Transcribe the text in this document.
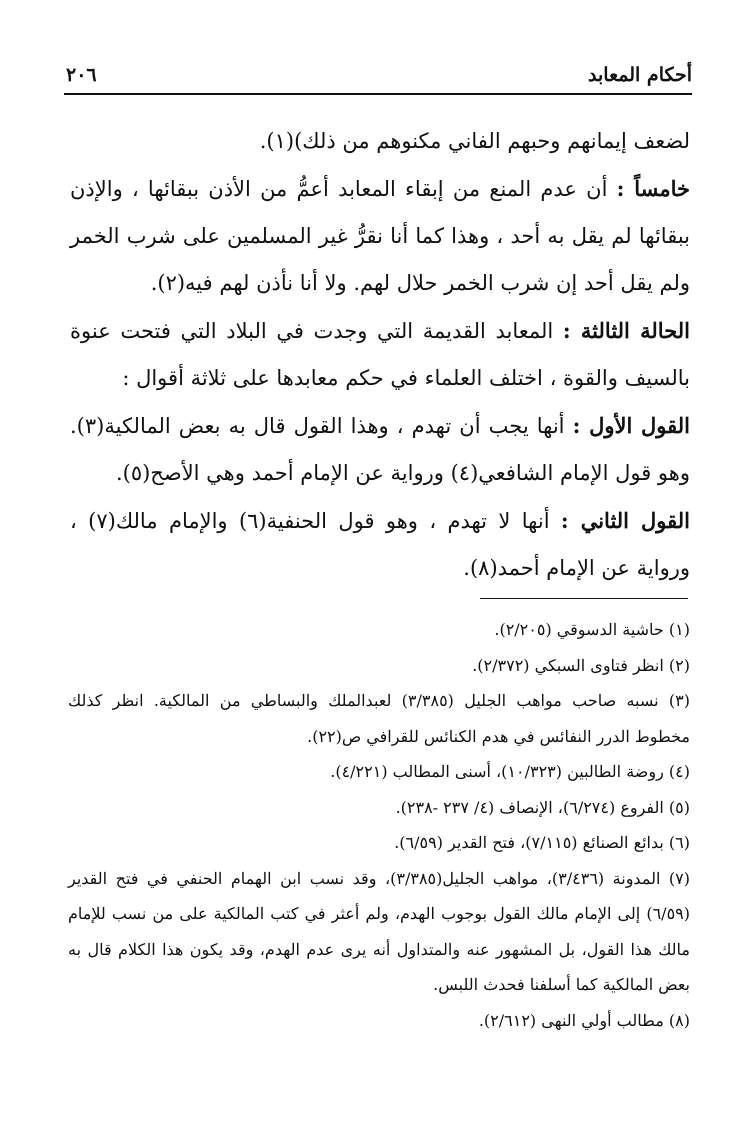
أحكام المعابد
٢٠٦

لضعف إيمانهم وحبهم الفاني مكنوهم من ذلك)(١).

خامساً : أن عدم المنع من إبقاء المعابد أعمُّ من الأذن ببقائها ، والإذن ببقائها لم يقل به أحد ، وهذا كما أنا نقرُّ غير المسلمين على شرب الخمر ولم يقل أحد إن شرب الخمر حلال لهم. ولا أنا نأذن لهم فيه(٢).

الحالة الثالثة : المعابد القديمة التي وجدت في البلاد التي فتحت عنوة بالسيف والقوة ، اختلف العلماء في حكم معابدها على ثلاثة أقوال :

القول الأول : أنها يجب أن تهدم ، وهذا القول قال به بعض المالكية(٣). وهو قول الإمام الشافعي(٤) ورواية عن الإمام أحمد وهي الأصح(٥).

القول الثاني : أنها لا تهدم ، وهو قول الحنفية(٦) والإمام مالك(٧) ، ورواية عن الإمام أحمد(٨).

(١) حاشية الدسوقي (٢/٢٠٥).

(٢) انظر فتاوى السبكي (٢/٣٧٢).

(٣) نسبه صاحب مواهب الجليل (٣/٣٨٥) لعبدالملك والبساطي من المالكية. انظر كذلك مخطوط الدرر النفائس في هدم الكنائس للقرافي ص(٢٢).

(٤) روضة الطالبين (١٠/٣٢٣)، أسنى المطالب (٤/٢٢١).

(٥) الفروع (٦/٢٧٤)، الإنصاف (٤/ ٢٣٧ -٢٣٨).

(٦) بدائع الصنائع (٧/١١٥)، فتح القدير (٦/٥٩).

(٧) المدونة (٣/٤٣٦)، مواهب الجليل(٣/٣٨٥)، وقد نسب ابن الهمام الحنفي في فتح القدير (٦/٥٩) إلى الإمام مالك القول بوجوب الهدم، ولم أعثر في كتب المالكية على من نسب للإمام مالك هذا القول، بل المشهور عنه والمتداول أنه يرى عدم الهدم، وقد يكون هذا الكلام قال به بعض المالكية كما أسلفنا فحدث اللبس.

(٨) مطالب أولي النهى (٢/٦١٢).
